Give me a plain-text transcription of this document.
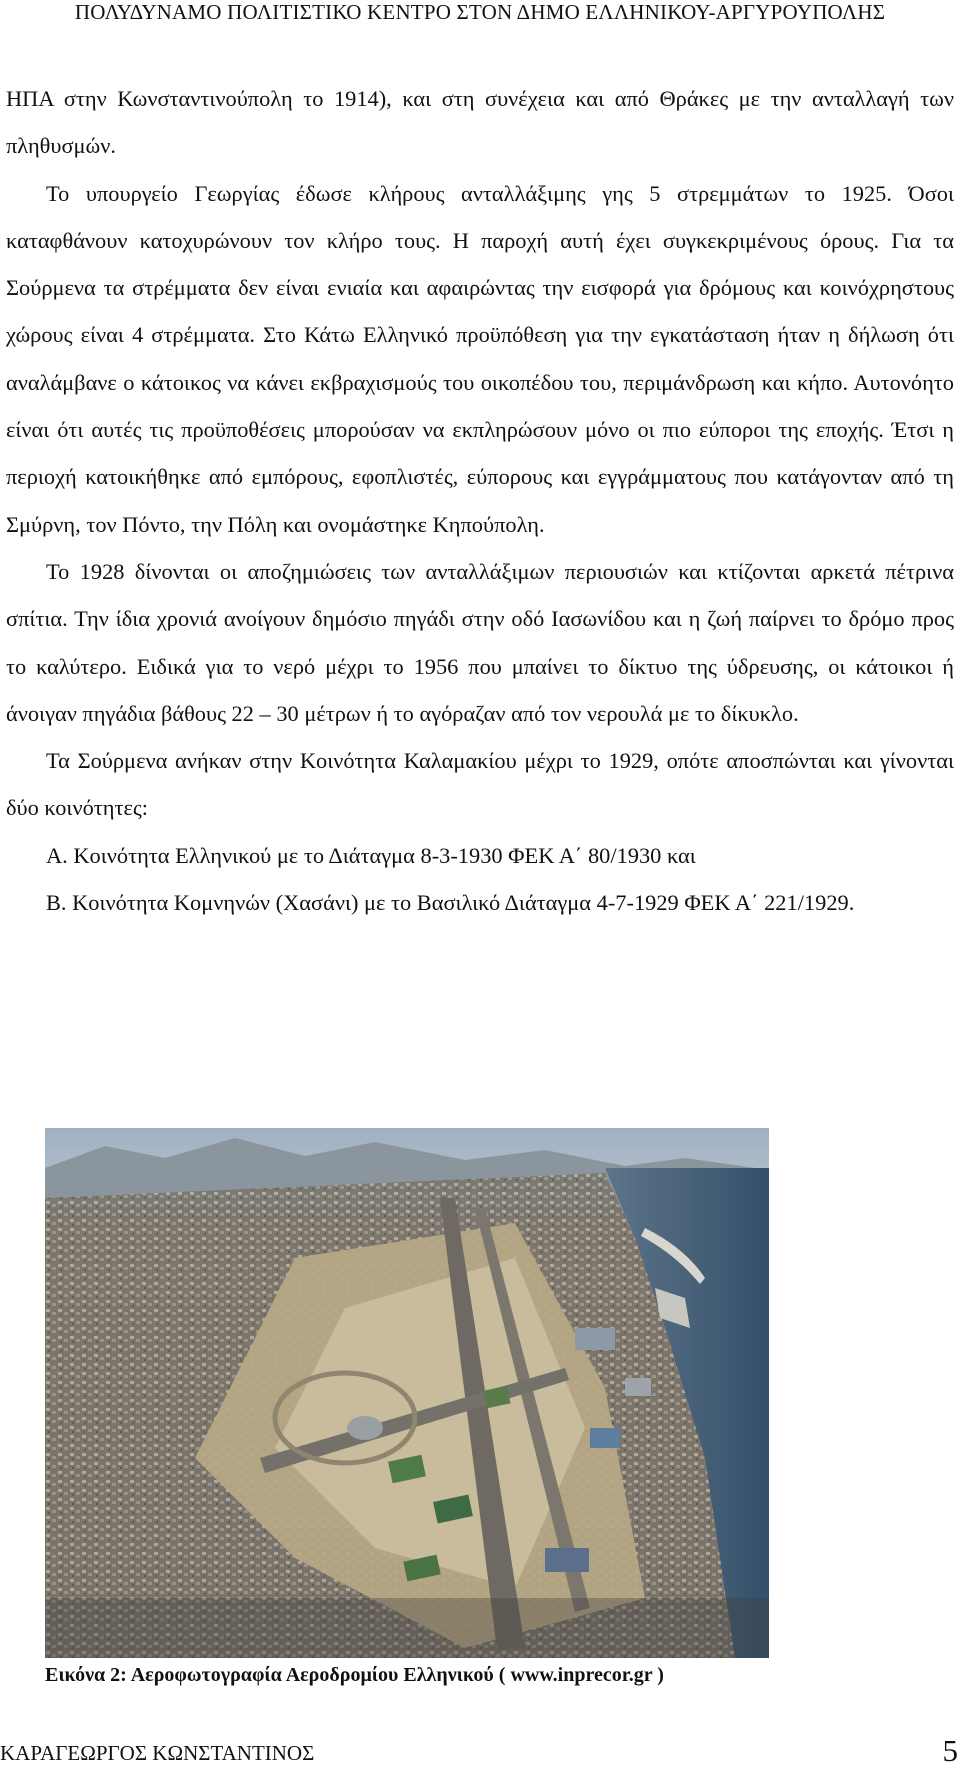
ΠΟΛΥΔΥΝΑΜΟ ΠΟΛΙΤΙΣΤΙΚΟ ΚΕΝΤΡΟ ΣΤΟΝ ΔΗΜΟ ΕΛΛΗΝΙΚΟΥ-ΑΡΓΥΡΟΥΠΟΛΗΣ

ΗΠΑ στην Κωνσταντινούπολη το 1914), και στη συνέχεια και από Θράκες με την ανταλλαγή των πληθυσμών.

Το υπουργείο Γεωργίας έδωσε κλήρους ανταλλάξιμης γης 5 στρεμμάτων το 1925. Όσοι καταφθάνουν κατοχυρώνουν τον κλήρο τους. Η παροχή αυτή έχει συγκεκριμένους όρους. Για τα Σούρμενα τα στρέμματα δεν είναι ενιαία και αφαιρώντας την εισφορά για δρόμους και κοινόχρηστους χώρους είναι 4 στρέμματα. Στο Κάτω Ελληνικό προϋπόθεση για την εγκατάσταση ήταν η δήλωση ότι αναλάμβανε ο κάτοικος να κάνει εκβραχισμούς του οικοπέδου του, περιμάνδρωση και κήπο. Αυτονόητο είναι ότι αυτές τις προϋποθέσεις μπορούσαν να εκπληρώσουν μόνο οι πιο εύποροι της εποχής. Έτσι η περιοχή κατοικήθηκε από εμπόρους, εφοπλιστές, εύπορους και εγγράμματους που κατάγονταν από τη Σμύρνη, τον Πόντο, την Πόλη και ονομάστηκε Κηπούπολη.

Το 1928 δίνονται οι αποζημιώσεις των ανταλλάξιμων περιουσιών και κτίζονται αρκετά πέτρινα σπίτια. Την ίδια χρονιά ανοίγουν δημόσιο πηγάδι στην οδό Ιασωνίδου και η ζωή παίρνει το δρόμο προς το καλύτερο. Ειδικά για το νερό μέχρι το 1956 που μπαίνει το δίκτυο της ύδρευσης, οι κάτοικοι ή άνοιγαν πηγάδια βάθους 22 – 30 μέτρων ή το αγόραζαν από τον νερουλά με το δίκυκλο.

Τα Σούρμενα ανήκαν στην Κοινότητα Καλαμακίου μέχρι το 1929, οπότε αποσπώνται και γίνονται δύο κοινότητες:

Α. Κοινότητα Ελληνικού με το Διάταγμα 8-3-1930 ΦΕΚ Α΄ 80/1930 και

Β. Κοινότητα Κομνηνών (Χασάνι) με το Βασιλικό Διάταγμα 4-7-1929 ΦΕΚ Α΄ 221/1929.

Εικόνα 2: Αεροφωτογραφία Αεροδρομίου Ελληνικού ( www.inprecor.gr )
ΚΑΡΑΓΕΩΡΓΟΣ ΚΩΝΣΤΑΝΤΙΝΟΣ	5
